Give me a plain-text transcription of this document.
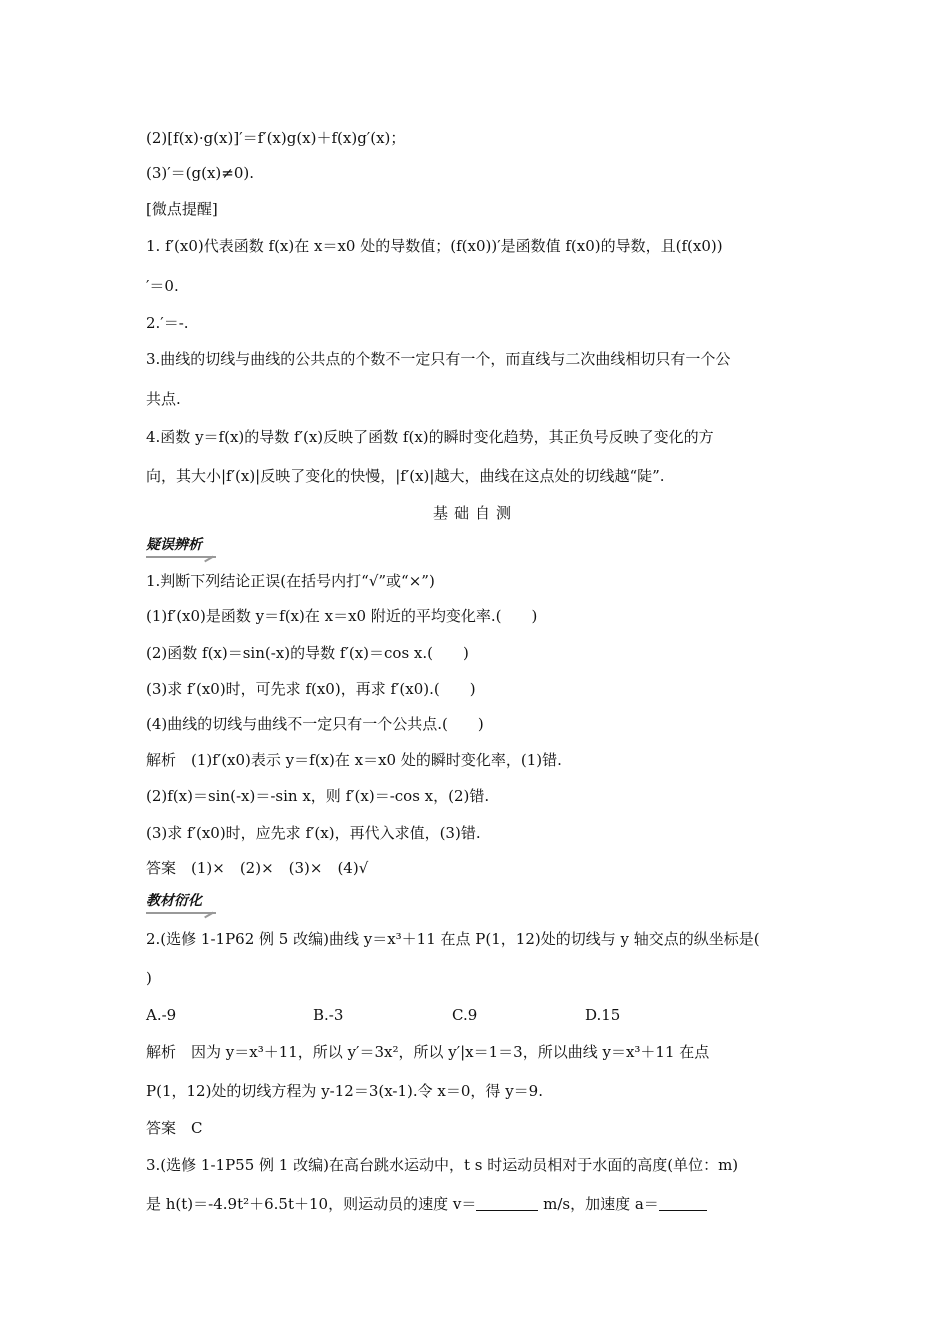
(2)[f(x)·g(x)]′＝f′(x)g(x)＋f(x)g′(x)；
(3)′＝(g(x)≠0).
[微点提醒]
1. f′(x0)代表函数 f(x)在 x＝x0 处的导数值；(f(x0))′是函数值 f(x0)的导数，且(f(x0))
′＝0.
2.′＝-.
3.曲线的切线与曲线的公共点的个数不一定只有一个，而直线与二次曲线相切只有一个公
共点.
4.函数 y＝f(x)的导数 f′(x)反映了函数 f(x)的瞬时变化趋势，其正负号反映了变化的方
向，其大小|f′(x)|反映了变化的快慢，|f′(x)|越大，曲线在这点处的切线越“陡”.
基础自测
疑误辨析
1.判断下列结论正误(在括号内打“√”或“×”)
(1)f′(x0)是函数 y＝f(x)在 x＝x0 附近的平均变化率.(　　)
(2)函数 f(x)＝sin(-x)的导数 f′(x)＝cos x.(　　)
(3)求 f′(x0)时，可先求 f(x0)，再求 f′(x0).(　　)
(4)曲线的切线与曲线不一定只有一个公共点.(　　)
解析　(1)f′(x0)表示 y＝f(x)在 x＝x0 处的瞬时变化率，(1)错.
(2)f(x)＝sin(-x)＝-sin x，则 f′(x)＝-cos x，(2)错.
(3)求 f′(x0)时，应先求 f′(x)，再代入求值，(3)错.
答案　(1)×　(2)×　(3)×　(4)√
教材衍化
2.(选修 1-1P62 例 5 改编)曲线 y＝x³＋11 在点 P(1，12)处的切线与 y 轴交点的纵坐标是(
)
A.-9	B.-3	C.9	D.15
解析　因为 y＝x³＋11，所以 y′＝3x²，所以 y′|x＝1＝3，所以曲线 y＝x³＋11 在点
P(1，12)处的切线方程为 y-12＝3(x-1).令 x＝0，得 y＝9.
答案　C
3.(选修 1-1P55 例 1 改编)在高台跳水运动中，t s 时运动员相对于水面的高度(单位：m)
是 h(t)＝-4.9t²＋6.5t＋10，则运动员的速度 v＝	m/s，加速度 a＝
